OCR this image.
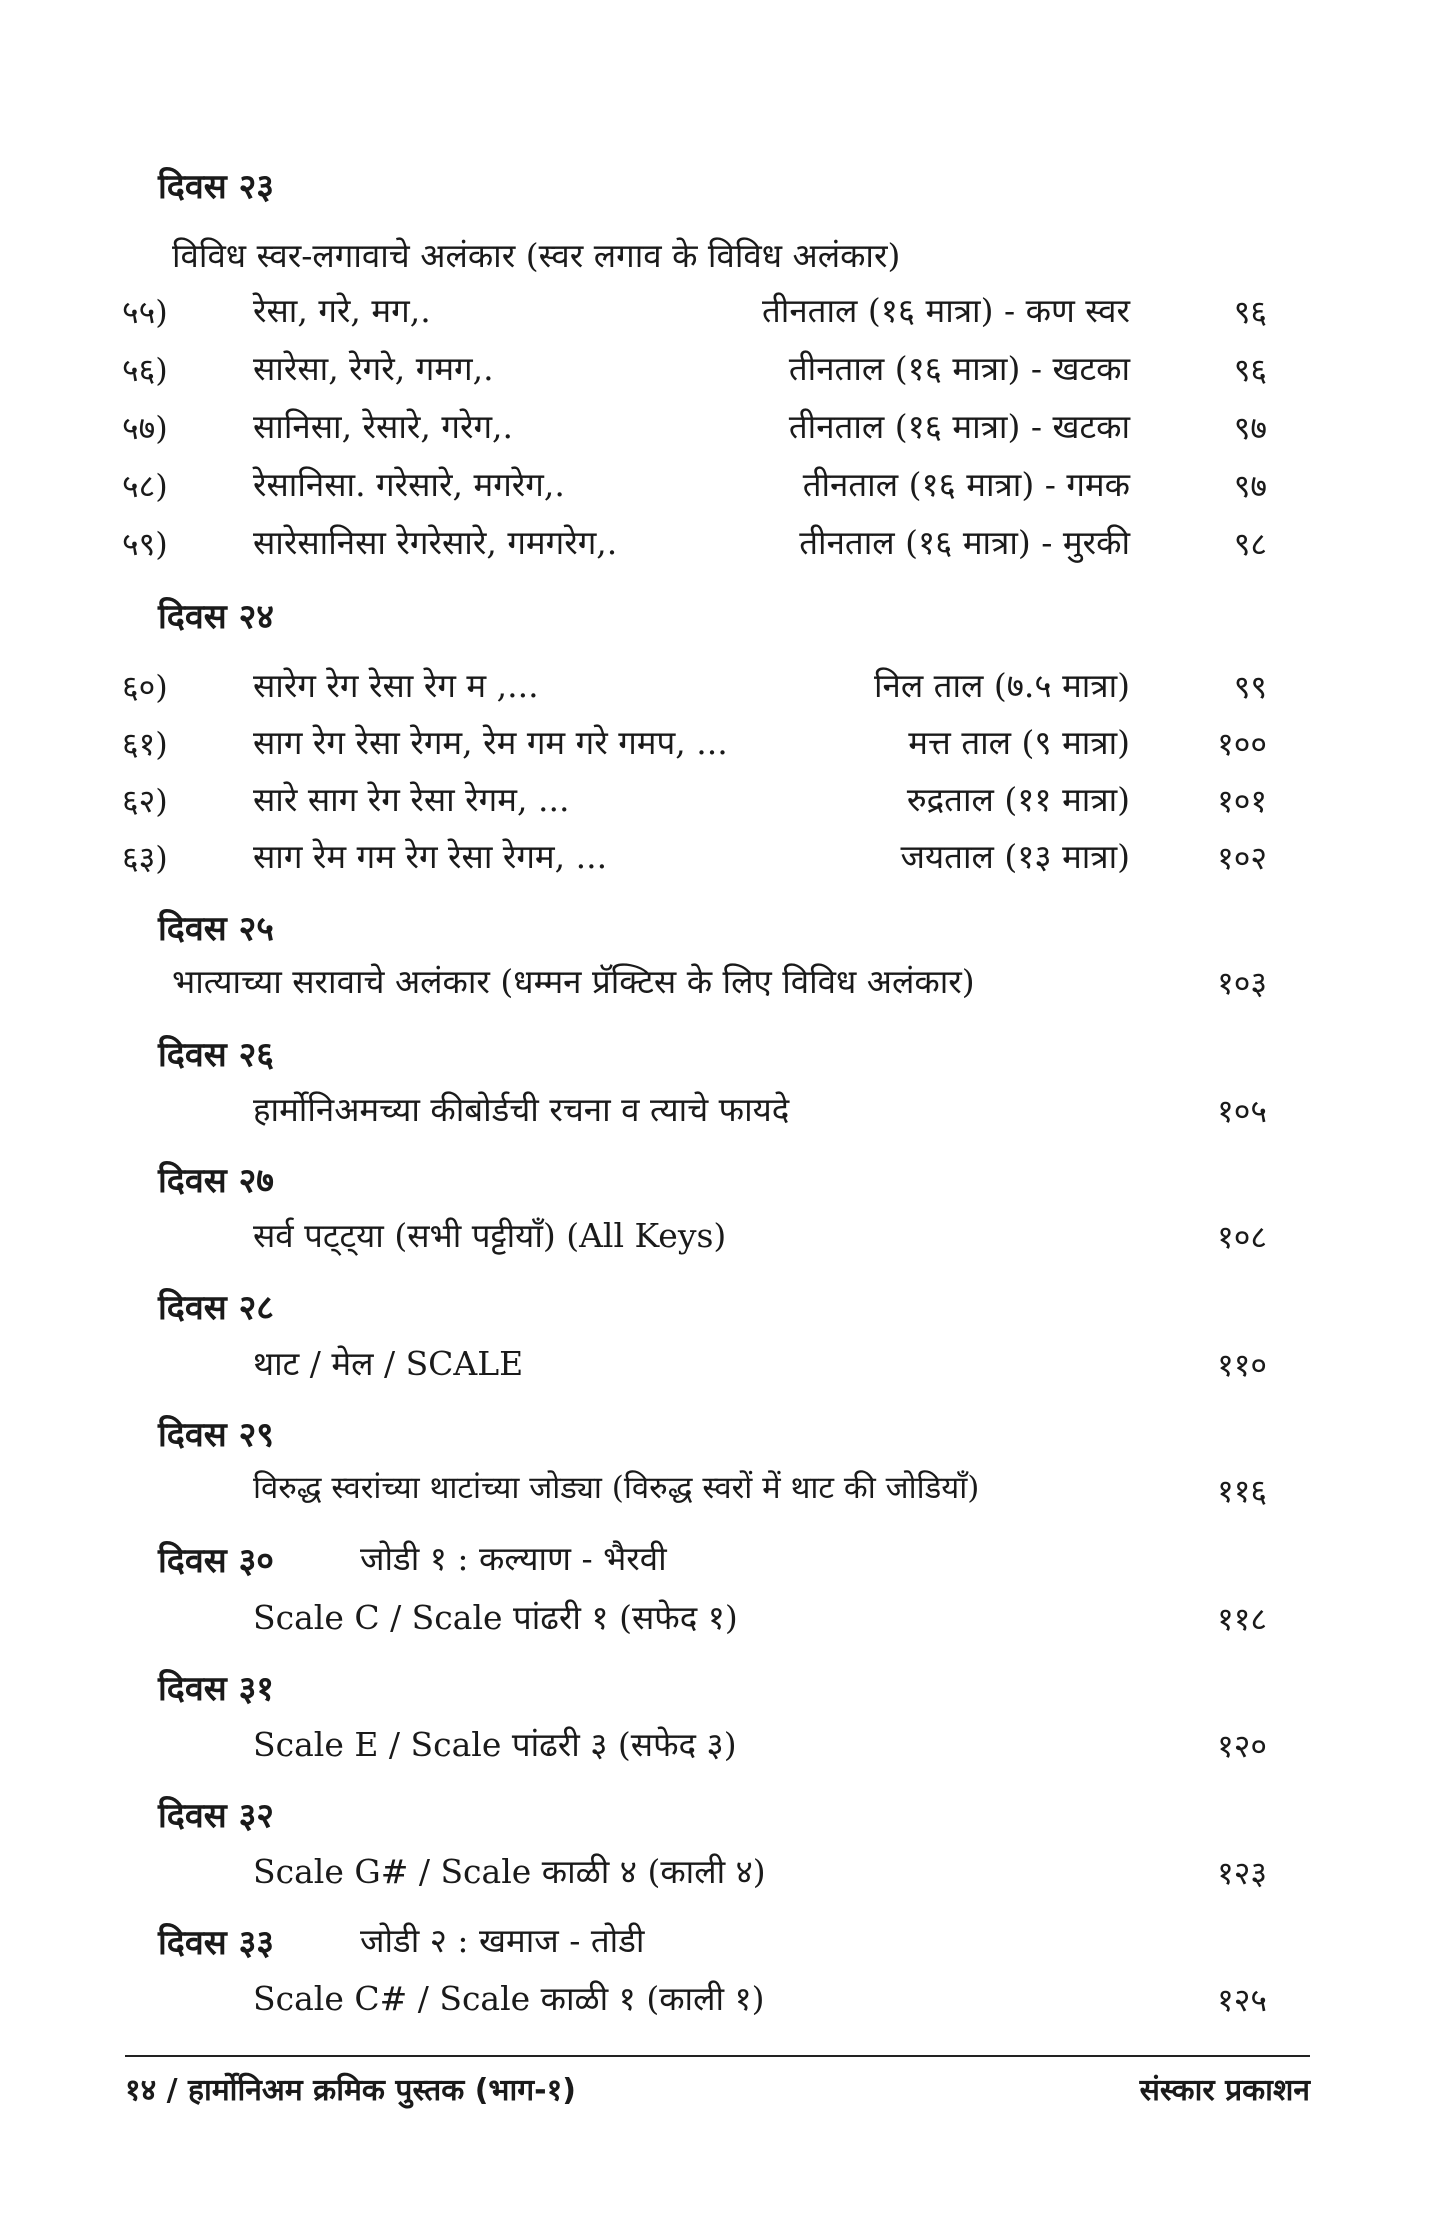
दिवस २३
विविध स्वर-लगावाचे अलंकार (स्वर लगाव के विविध अलंकार)
५५)	रेसा, गरे, मग,.	तीनताल (१६ मात्रा) - कण स्वर	९६
५६)	सारेसा, रेगरे, गमग,.	तीनताल (१६ मात्रा) - खटका	९६
५७)	सानिसा, रेसारे, गरेग,.	तीनताल (१६ मात्रा) - खटका	९७
५८)	रेसानिसा. गरेसारे, मगरेग,.	तीनताल (१६ मात्रा) - गमक	९७
५९)	सारेसानिसा रेगरेसारे, गमगरेग,.	तीनताल (१६ मात्रा) - मुरकी	९८
दिवस २४
६०)	सारेग रेग रेसा रेग म ,...	निल ताल (७.५ मात्रा)	९९
६१)	साग रेग रेसा रेगम, रेम गम गरे गमप, ...	मत्त ताल (९ मात्रा)	१००
६२)	सारे साग रेग रेसा रेगम, ...	रुद्रताल (११ मात्रा)	१०१
६३)	साग रेम गम रेग रेसा रेगम, ...	जयताल (१३ मात्रा)	१०२
दिवस २५
भात्याच्या सरावाचे अलंकार (धम्मन प्रॅक्टिस के लिए विविध अलंकार)	१०३
दिवस २६
हार्मोनिअमच्या कीबोर्डची रचना व त्याचे फायदे	१०५
दिवस २७
सर्व पट्ट्या (सभी पट्टीयाँ) (All Keys)	१०८
दिवस २८
थाट / मेल / SCALE	११०
दिवस २९
विरुद्ध स्वरांच्या थाटांच्या जोड्या (विरुद्ध स्वरों में थाट की जोडियाँ)	११६
दिवस ३०	जोडी १ : कल्याण - भैरवी
Scale C / Scale पांढरी १ (सफेद १)	११८
दिवस ३१
Scale E / Scale पांढरी ३ (सफेद ३)	१२०
दिवस ३२
Scale G# / Scale काळी ४ (काली ४)	१२३
दिवस ३३	जोडी २ : खमाज - तोडी
Scale C# / Scale काळी १ (काली १)	१२५
१४ / हार्मोनिअम क्रमिक पुस्तक (भाग-१)	संस्कार प्रकाशन
